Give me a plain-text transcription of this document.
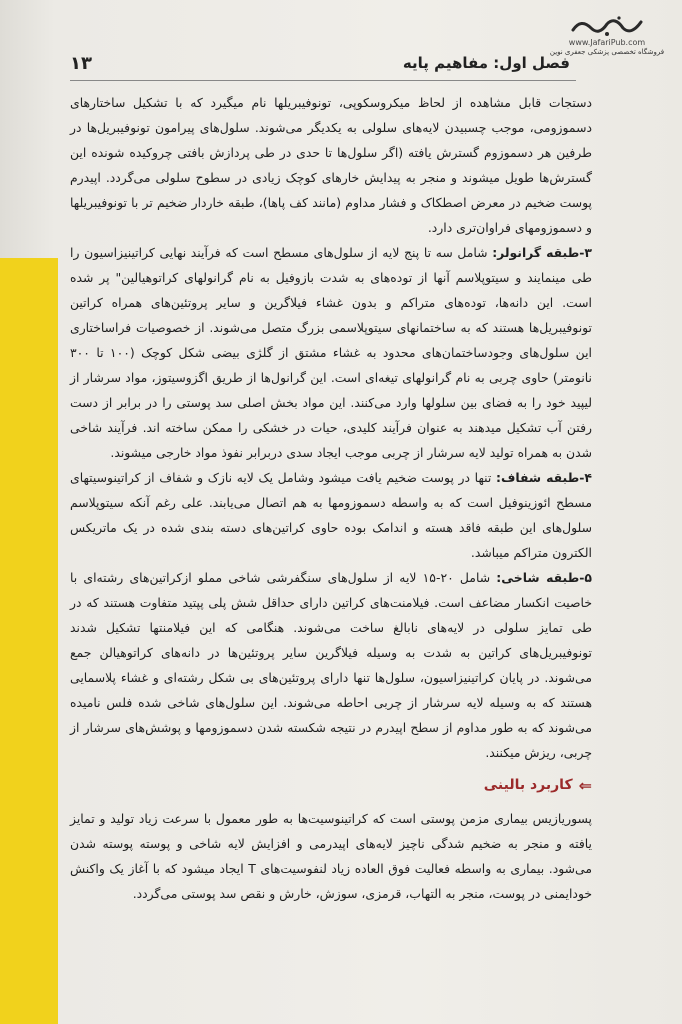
www.JafariPub.com
فروشگاه تخصصی پزشکی جعفری نوین
فصل اول: مفاهیم پایه
۱۳

دستجات قابل مشاهده از لحاظ میکروسکوپی، تونوفیبریلها نام میگیرد که با تشکیل ساختارهای دسموزومی، موجب چسبیدن لایه‌های سلولی به یکدیگر می‌شوند. سلول‌های پیرامون تونوفیبریل‌ها در طرفین هر دسموزوم گسترش یافته (اگر سلول‌ها تا حدی در طی پردازش بافتی چروکیده شونده این گسترش‌ها طویل میشوند و منجر به پیدایش خارهای کوچک زیادی در سطوح سلولی می‌گردد. اپیدرم پوست ضخیم در معرض اصطکاک و فشار مداوم (مانند کف پاها)، طبقه خاردار ضخیم تر با تونوفیبریلها و دسموزومهای فراوان‌تری دارد.

۳-طبقه گرانولر: شامل سه تا پنج لایه از سلول‌های مسطح است که فرآیند نهایی کراتینیزاسیون را طی مینمایند و سیتوپلاسم آنها از توده‌های به شدت بازوفیل به نام گرانولهای کراتوهیالین" پر شده است. این دانه‌ها، توده‌های متراکم و بدون غشاء فیلاگرین و سایر پروتئین‌های همراه کراتین تونوفیبریل‌ها هستند که به ساختمانهای سیتوپلاسمی بزرگ متصل می‌شوند. از خصوصیات فراساختاری این سلول‌های وجودساختمان‌های محدود به غشاء مشتق از گلژی بیضی شکل کوچک (۱۰۰ تا ۳۰۰ نانومتر) حاوی چربی به نام گرانولهای تیغه‌ای است. این گرانول‌ها از طریق اگزوسیتوز، مواد سرشار از لیپید خود را به فضای بین سلولها وارد می‌کنند. این مواد بخش اصلی سد پوستی را در برابر از دست رفتن آب تشکیل میدهند به عنوان فرآیند کلیدی، حیات در خشکی را ممکن ساخته اند. فرآیند شاخی شدن به همراه تولید لایه سرشار از چربی موجب ایجاد سدی دربرابر نفوذ مواد خارجی میشوند.

۴-طبقه شفاف: تنها در پوست ضخیم یافت میشود وشامل یک لایه نازک و شفاف از کراتینوسیتهای مسطح ائوزینوفیل است که به واسطه دسموزومها به هم اتصال می‌یابند. علی رغم آنکه سیتوپلاسم سلول‌های این طبقه فاقد هسته و اندامک بوده حاوی کراتین‌های دسته بندی شده در یک ماتریکس الکترون متراکم میباشد.

۵-طبقه شاخی: شامل ۲۰-۱۵ لایه از سلول‌های سنگفرشی شاخی مملو ازکراتین‌های رشته‌ای با خاصیت انکسار مضاعف است. فیلامنت‌های کراتین دارای حداقل شش پلی پپتید متفاوت هستند که در طی تمایز سلولی در لایه‌های نابالغ ساخت می‌شوند. هنگامی که این فیلامنتها تشکیل شدند تونوفیبریل‌های کراتین به شدت به وسیله فیلاگرین سایر پروتئین‌ها در دانه‌های کراتوهیالن جمع می‌شوند. در پایان کراتینیزاسیون، سلول‌ها تنها دارای پروتئین‌های بی شکل رشته‌ای و غشاء پلاسمایی هستند که به وسیله لایه سرشار از چربی احاطه می‌شوند. این سلول‌های شاخی شده فلس نامیده می‌شوند که به طور مداوم از سطح اپیدرم در نتیجه شکسته شدن دسموزومها و پوشش‌های سرشار از چربی، ریزش میکنند.

⇐
کاربرد بالینی

پسوریازیس بیماری مزمن پوستی است که کراتینوسیت‌ها به طور معمول با سرعت زیاد تولید و تمایز یافته و منجر به ضخیم شدگی ناچیز لایه‌های اپیدرمی و افزایش لایه شاخی و پوسته پوسته شدن می‌شود. بیماری به واسطه فعالیت فوق العاده زیاد لنفوسیت‌های T ایجاد میشود که با آغاز یک واکنش خودایمنی در پوست، منجر به التهاب، قرمزی، سوزش، خارش و نقص سد پوستی می‌گردد.
